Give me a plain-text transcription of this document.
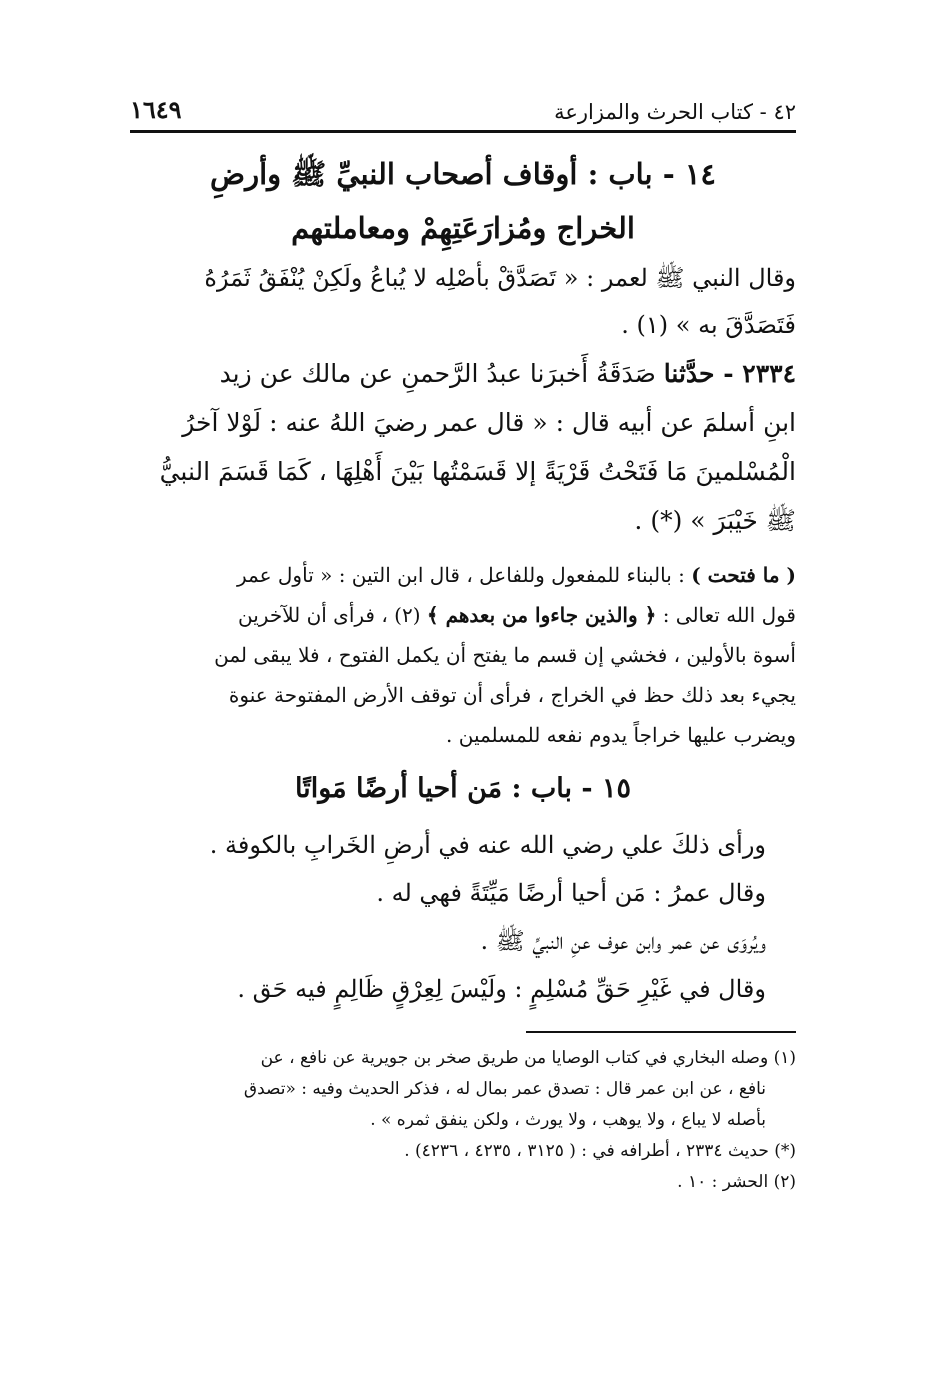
٤٢ - كتاب الحرث والمزارعة
١٦٤٩
١٤ - باب : أوقاف أصحاب النبيِّ ﷺ وأرضِ
الخراج ومُزارَعَتِهِمْ ومعاملتهم
وقال النبي ﷺ لعمر : « تَصَدَّقْ بأصْلِه لا يُباعُ ولَكِنْ يُنْفَقُ ثَمَرُهُ
فَتَصَدَّقَ به » (١) .
٢٣٣٤ - حدَّثنا صَدَقَةُ أَخبرَنا عبدُ الرَّحمنِ عن مالك عن زيد
ابنِ أسلمَ عن أبيه قال : « قال عمر رضيَ اللهُ عنه : لَوْلا آخرُ
الْمُسْلمينَ مَا فَتَحْتُ قَرْيَةً إلا قَسَمْتُها بَيْنَ أَهْلِهَا ، كَمَا قَسَمَ النبيُّ
ﷺ خَيْبَرَ » (*) .
( ما فتحت ) : بالبناء للمفعول وللفاعل ، قال ابن التين : « تأول عمر
قول الله تعالى : ﴿ والذين جاءوا من بعدهم ﴾ (٢) ، فرأى أن للآخرين
أسوة بالأولين ، فخشي إن قسم ما يفتح أن يكمل الفتوح ، فلا يبقى لمن
يجيء بعد ذلك حظ في الخراج ، فرأى أن توقف الأرض المفتوحة عنوة
ويضرب عليها خراجاً يدوم نفعه للمسلمين .
١٥ - باب : مَن أحيا أرضًا مَواتًا
ورأى ذلكَ علي رضي الله عنه في أرضِ الخَرابِ بالكوفة .
وقال عمرُ : مَن أحيا أرضًا مَيِّتَةً فهي له .
ويُروَى عن عمر وابن عوف عنِ النبيِّ ﷺ .
وقال في غَيْرِ حَقِّ مُسْلِمٍ : ولَيْسَ لِعِرْقٍ ظَالِمٍ فيه حَق .
(١) وصله البخاري في كتاب الوصايا من طريق صخر بن جويرية عن نافع ، عن
نافع ، عن ابن عمر قال : تصدق عمر بمال له ، فذكر الحديث وفيه : «تصدق
بأصله لا يباع ، ولا يوهب ، ولا يورث ، ولكن ينفق ثمره » .
(*) حديث ٢٣٣٤ ، أطرافه في : ( ٣١٢٥ ، ٤٢٣٥ ، ٤٢٣٦) .
(٢) الحشر : ١٠ .
